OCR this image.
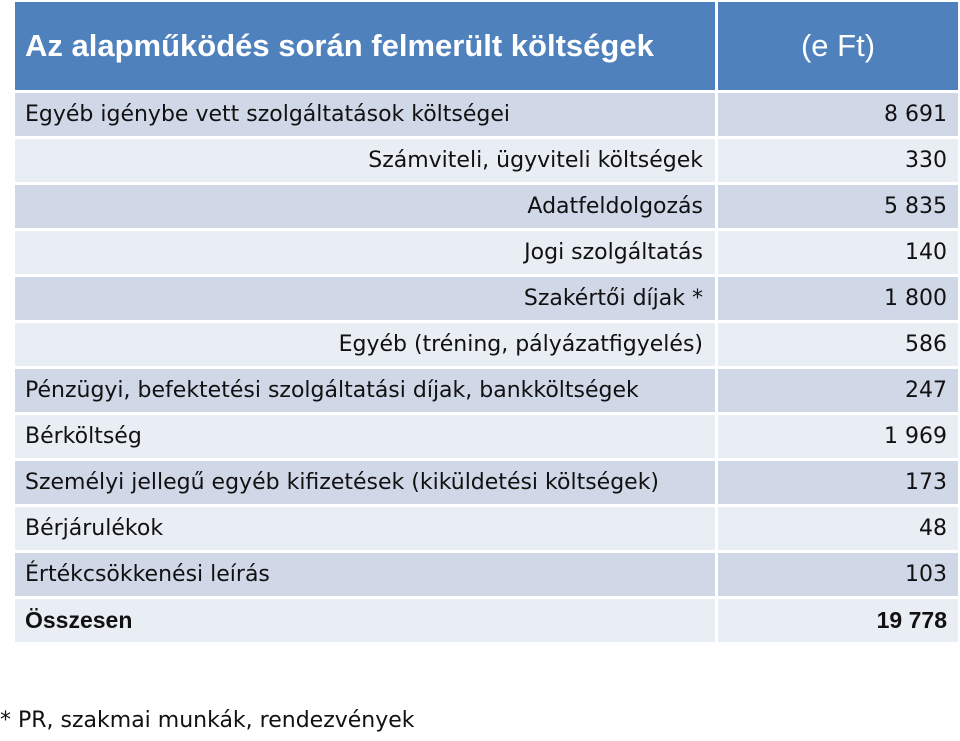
Az alapműködés során felmerült költségek	(e Ft)
Egyéb igénybe vett szolgáltatások költségei	8 691
Számviteli, ügyviteli költségek	330
Adatfeldolgozás	5 835
Jogi szolgáltatás	140
Szakértői díjak *	1 800
Egyéb (tréning, pályázatfigyelés)	586
Pénzügyi, befektetési szolgáltatási díjak, bankköltségek	247
Bérköltség	1 969
Személyi jellegű egyéb kifizetések (kiküldetési költségek)	173
Bérjárulékok	48
Értékcsökkenési leírás	103
Összesen	19 778
* PR, szakmai munkák, rendezvények
